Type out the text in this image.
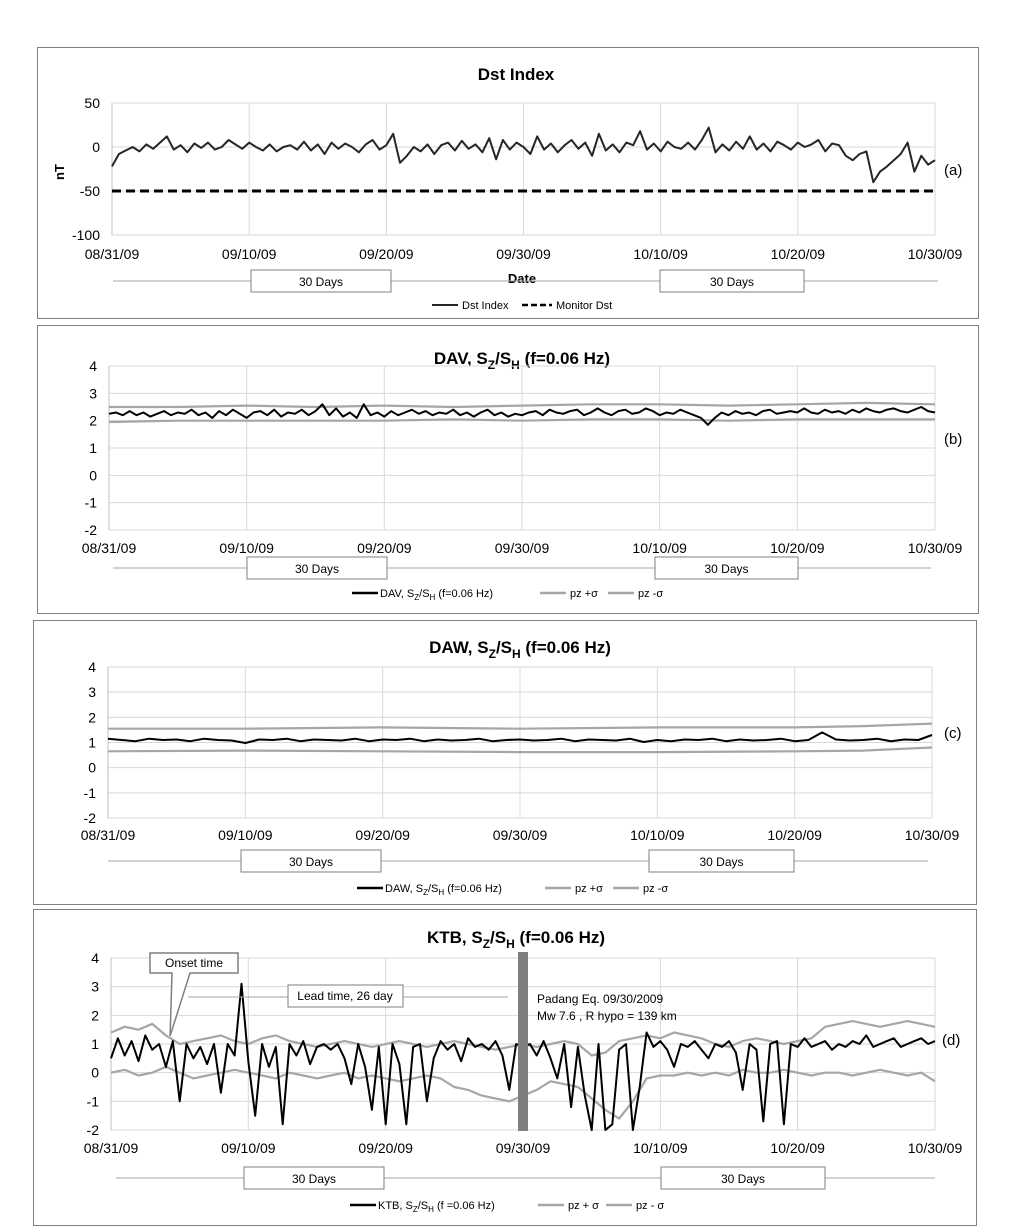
Dst Index
nT
Date
(a)
DAV, $S_Z/S_H$ (f=0.06 Hz)
(b)
DAW, $S_Z/S_H$ (f=0.06 Hz)
(c)
KTB, $S_Z/S_H$ (f=0.06 Hz)
(d)
50
0
-50
-100
08/31/09	09/10/09	09/20/09	09/30/09	10/10/09	10/20/09	10/30/09
30 Days	30 Days
Dst Index	Monitor Dst
4
3
2
1
0
-1
-2
08/31/09	09/10/09	09/20/09	09/30/09	10/10/09	10/20/09	10/30/09
30 Days	30 Days
DAV, $S_Z/S_H$ (f=0.06 Hz)	pz +σ	pz -σ
4
3
2
1
0
-1
-2
08/31/09	09/10/09	09/20/09	09/30/09	10/10/09	10/20/09	10/30/09
30 Days	30 Days
DAW, $S_Z/S_H$ (f=0.06 Hz)	pz +σ	pz -σ
4
3
2
1
0
-1
-2
08/31/09	09/10/09	09/20/09	09/30/09	10/10/09	10/20/09	10/30/09
30 Days	30 Days
KTB, $S_Z/S_H$ (f =0.06 Hz)	pz + σ	pz - σ
Padang Eq. 09/30/2009
Mw 7.6 , R hypo = 139 km
Lead time, 26 day
Onset time
